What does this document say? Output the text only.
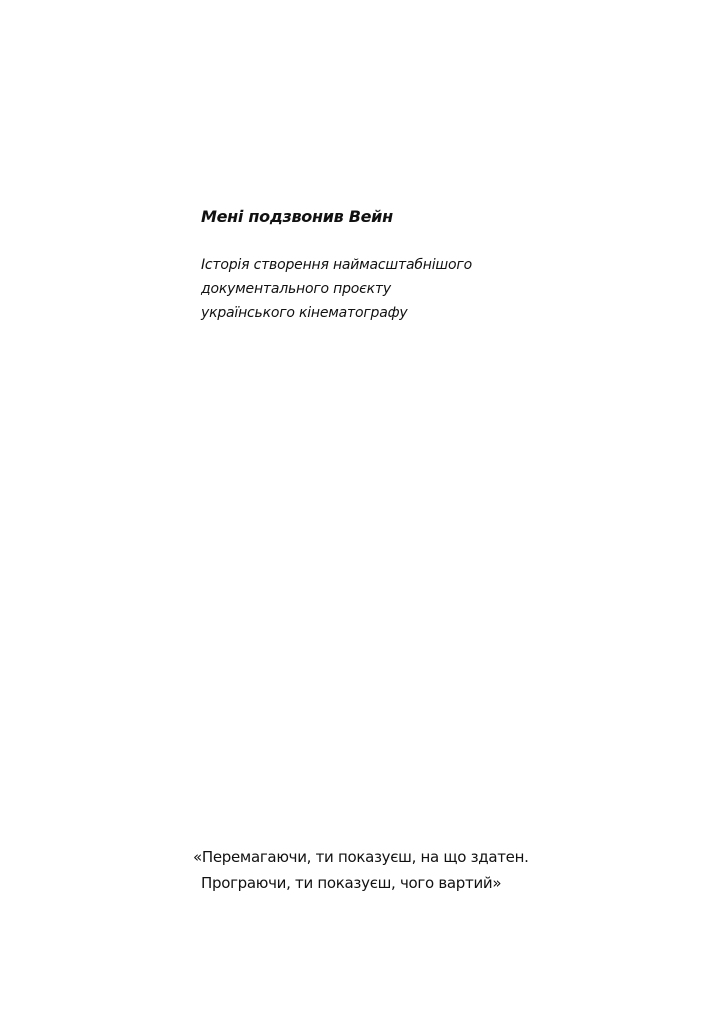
Мені подзвонив Вейн
Історія створення наймасштабнішого
документального проєкту
українського кінематографу
«Перемагаючи, ти показуєш, на що здатен.
Програючи, ти показуєш, чого вартий»
